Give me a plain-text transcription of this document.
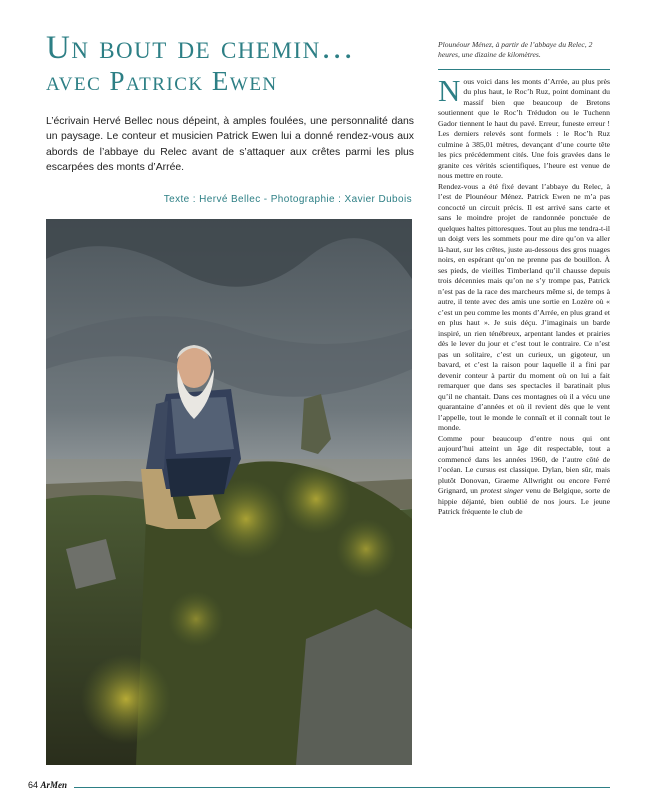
Un bout de chemin…
avec Patrick Ewen

L’écrivain Hervé Bellec nous dépeint, à amples foulées, une personnalité dans un paysage. Le conteur et musicien Patrick Ewen lui a donné rendez-vous aux abords de l’abbaye du Relec avant de s’attaquer aux crêtes parmi les plus escarpées des monts d’Arrée.

Texte : Hervé Bellec - Photographie : Xavier Dubois

Plounéour Ménez, à partir de l’abbaye du Relec, 2 heures, une dizaine de kilomètres.

Nous voici dans les monts d’Arrée, au plus près du plus haut, le Roc’h Ruz, point dominant du massif bien que beaucoup de Bretons soutiennent que le Roc’h Trédudon ou le Tuchenn Gador tiennent le haut du pavé. Erreur, funeste erreur ! Les derniers relevés sont formels : le Roc’h Ruz culmine à 385,01 mètres, devançant d’une courte tête les pics précédemment cités. Une fois gravées dans le granite ces vérités scientifiques, l’heure est venue de nous mettre en route.

Rendez-vous a été fixé devant l’abbaye du Relec, à l’est de Plounéour Ménez. Patrick Ewen ne m’a pas concocté un circuit précis. Il est arrivé sans carte et sans le moindre projet de randonnée ponctuée de quelques haltes pittoresques. Tout au plus me tendra-t-il un doigt vers les sommets pour me dire qu’on va aller là-haut, sur les crêtes, juste au-dessous des gros nuages noirs, en espérant qu’on ne prenne pas de bouillon. À ses pieds, de vieilles Timberland qu’il chausse depuis trois décennies mais qu’on ne s’y trompe pas, Patrick n’est pas de la race des marcheurs même si, de temps à autre, il tente avec des amis une sortie en Lozère où « c’est un peu comme les monts d’Arrée, en plus grand et en plus haut ». Je suis déçu. J’imaginais un barde inspiré, un rien ténébreux, arpentant landes et prairies dès le lever du jour et c’est tout le contraire. Ce n’est pas un solitaire, c’est un curieux, un gigoteur, un bavard, et c’est la raison pour laquelle il a fini par devenir conteur à partir du moment où on lui a fait remarquer que dans ses spectacles il baratinait plus qu’il ne chantait. Dans ces montagnes où il a vécu une quarantaine d’années et où il revient dès que le vent l’appelle, tout le monde le connaît et il connaît tout le monde.

Comme pour beaucoup d’entre nous qui ont aujourd’hui atteint un âge dit respectable, tout a commencé dans les années 1960, de l’autre côté de l’océan. Le cursus est classique. Dylan, bien sûr, mais plutôt Donovan, Graeme Allwright ou encore Ferré Grignard, un protest singer venu de Belgique, sorte de hippie déjanté, bien oublié de nos jours. Le jeune Patrick fréquente le club de

64 ArMen
